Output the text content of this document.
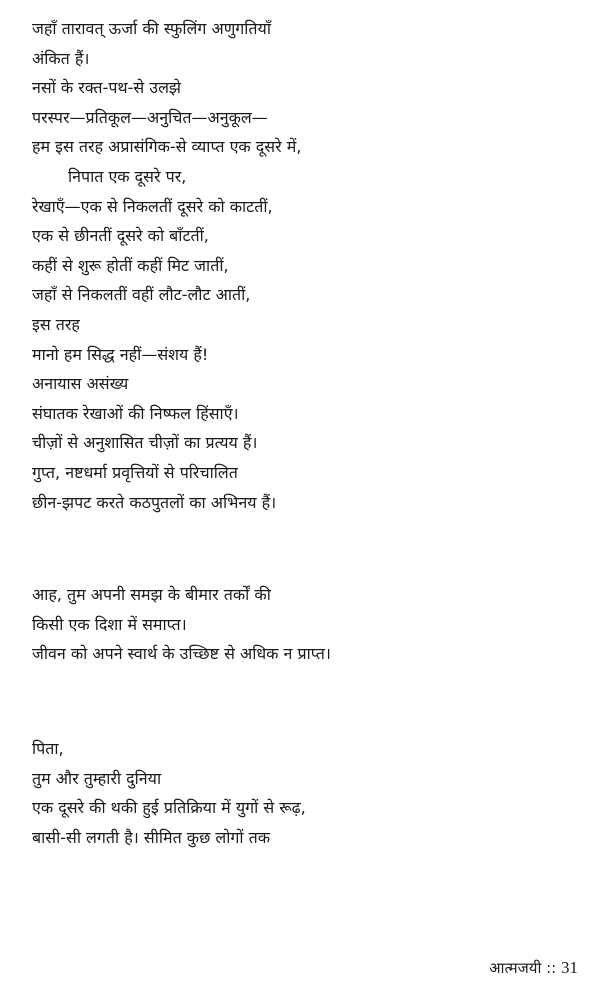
जहाँ तारावत् ऊर्जा की स्फुलिंग अणुगतियाँ
अंकित हैं।
नसों के रक्त-पथ-से उलझे
परस्पर—प्रतिकूल—अनुचित—अनुकूल—
हम इस तरह अप्रासंगिक-से व्याप्त एक दूसरे में,
निपात एक दूसरे पर,
रेखाएँ—एक से निकलतीं दूसरे को काटतीं,
एक से छीनतीं दूसरे को बाँटतीं,
कहीं से शुरू होतीं कहीं मिट जातीं,
जहाँ से निकलतीं वहीं लौट-लौट आतीं,
इस तरह
मानो हम सिद्ध नहीं—संशय हैं!
अनायास असंख्य
संघातक रेखाओं की निष्फल हिंसाएँ।
चीज़ों से अनुशासित चीज़ों का प्रत्यय हैं।
गुप्त, नष्टधर्मा प्रवृत्तियों से परिचालित
छीन-झपट करते कठपुतलों का अभिनय हैं।
आह, तुम अपनी समझ के बीमार तर्कों की
किसी एक दिशा में समाप्त।
जीवन को अपने स्वार्थ के उच्छिष्ट से अधिक न प्राप्त।
पिता,
तुम और तुम्हारी दुनिया
एक दूसरे की थकी हुई प्रतिक्रिया में युगों से रूढ़,
बासी-सी लगती है। सीमित कुछ लोगों तक
आत्मजयी :: 31
